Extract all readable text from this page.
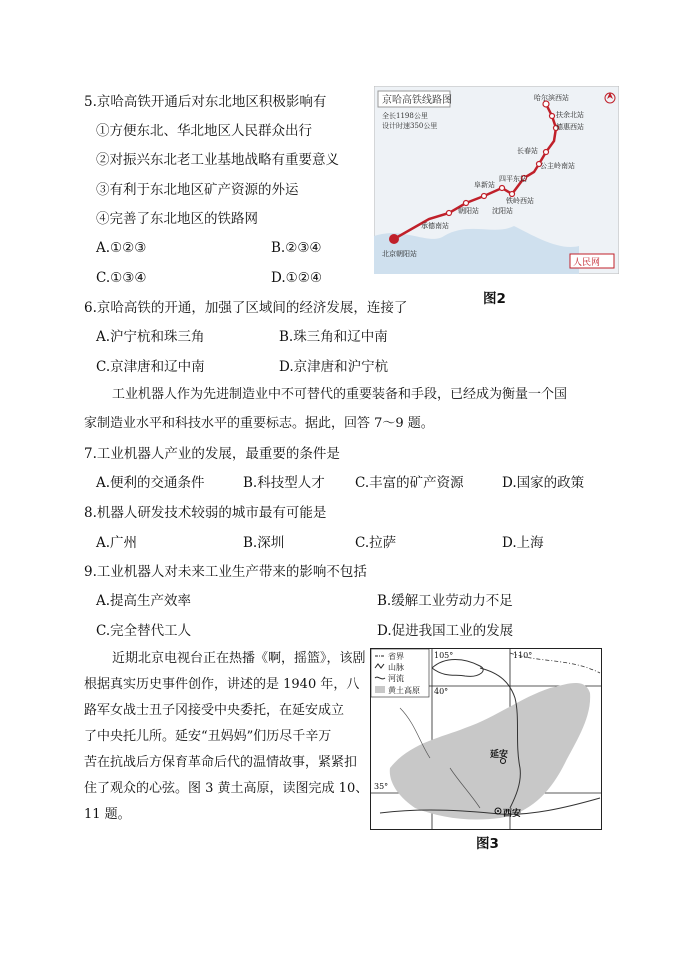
5.京哈高铁开通后对东北地区积极影响有
①方便东北、华北地区人民群众出行
②对振兴东北老工业基地战略有重要意义
③有利于东北地区矿产资源的外运
④完善了东北地区的铁路网
A.①②③	B.②③④
C.①③④	D.①②④
京哈高铁线路图
全长1198公里
设计时速350公里
哈尔滨西站
扶余北站
德惠西站
长春站
公主岭南站
四平东站
铁岭西站
阜新站
朝阳站 沈阳站
承德南站
北京朝阳站
人民网
图2
6.京哈高铁的开通，加强了区域间的经济发展，连接了
A.沪宁杭和珠三角	B.珠三角和辽中南
C.京津唐和辽中南	D.京津唐和沪宁杭
工业机器人作为先进制造业中不可替代的重要装备和手段，已经成为衡量一个国
家制造业水平和科技水平的重要标志。据此，回答 7～9 题。
7.工业机器人产业的发展，最重要的条件是
A.便利的交通条件	B.科技型人才 C.丰富的矿产资源	D.国家的政策
8.机器人研发技术较弱的城市最有可能是
A.广州	B.深圳	C.拉萨	D.上海
9.工业机器人对未来工业生产带来的影响不包括
A.提高生产效率	B.缓解工业劳动力不足
C.完全替代工人	D.促进我国工业的发展
近期北京电视台正在热播《啊，摇篮》，该剧
根据真实历史事件创作，讲述的是 1940 年，八
路军女战士丑子冈接受中央委托，在延安成立
了中央托儿所。延安“丑妈妈”们历尽千辛万
苦在抗战后方保育革命后代的温情故事，紧紧扣
住了观众的心弦。图 3 黄土高原，读图完成 10、
11 题。
省界
山脉
河流
黄土高原
105°	110°
40°
35°
延安
西安
图3
